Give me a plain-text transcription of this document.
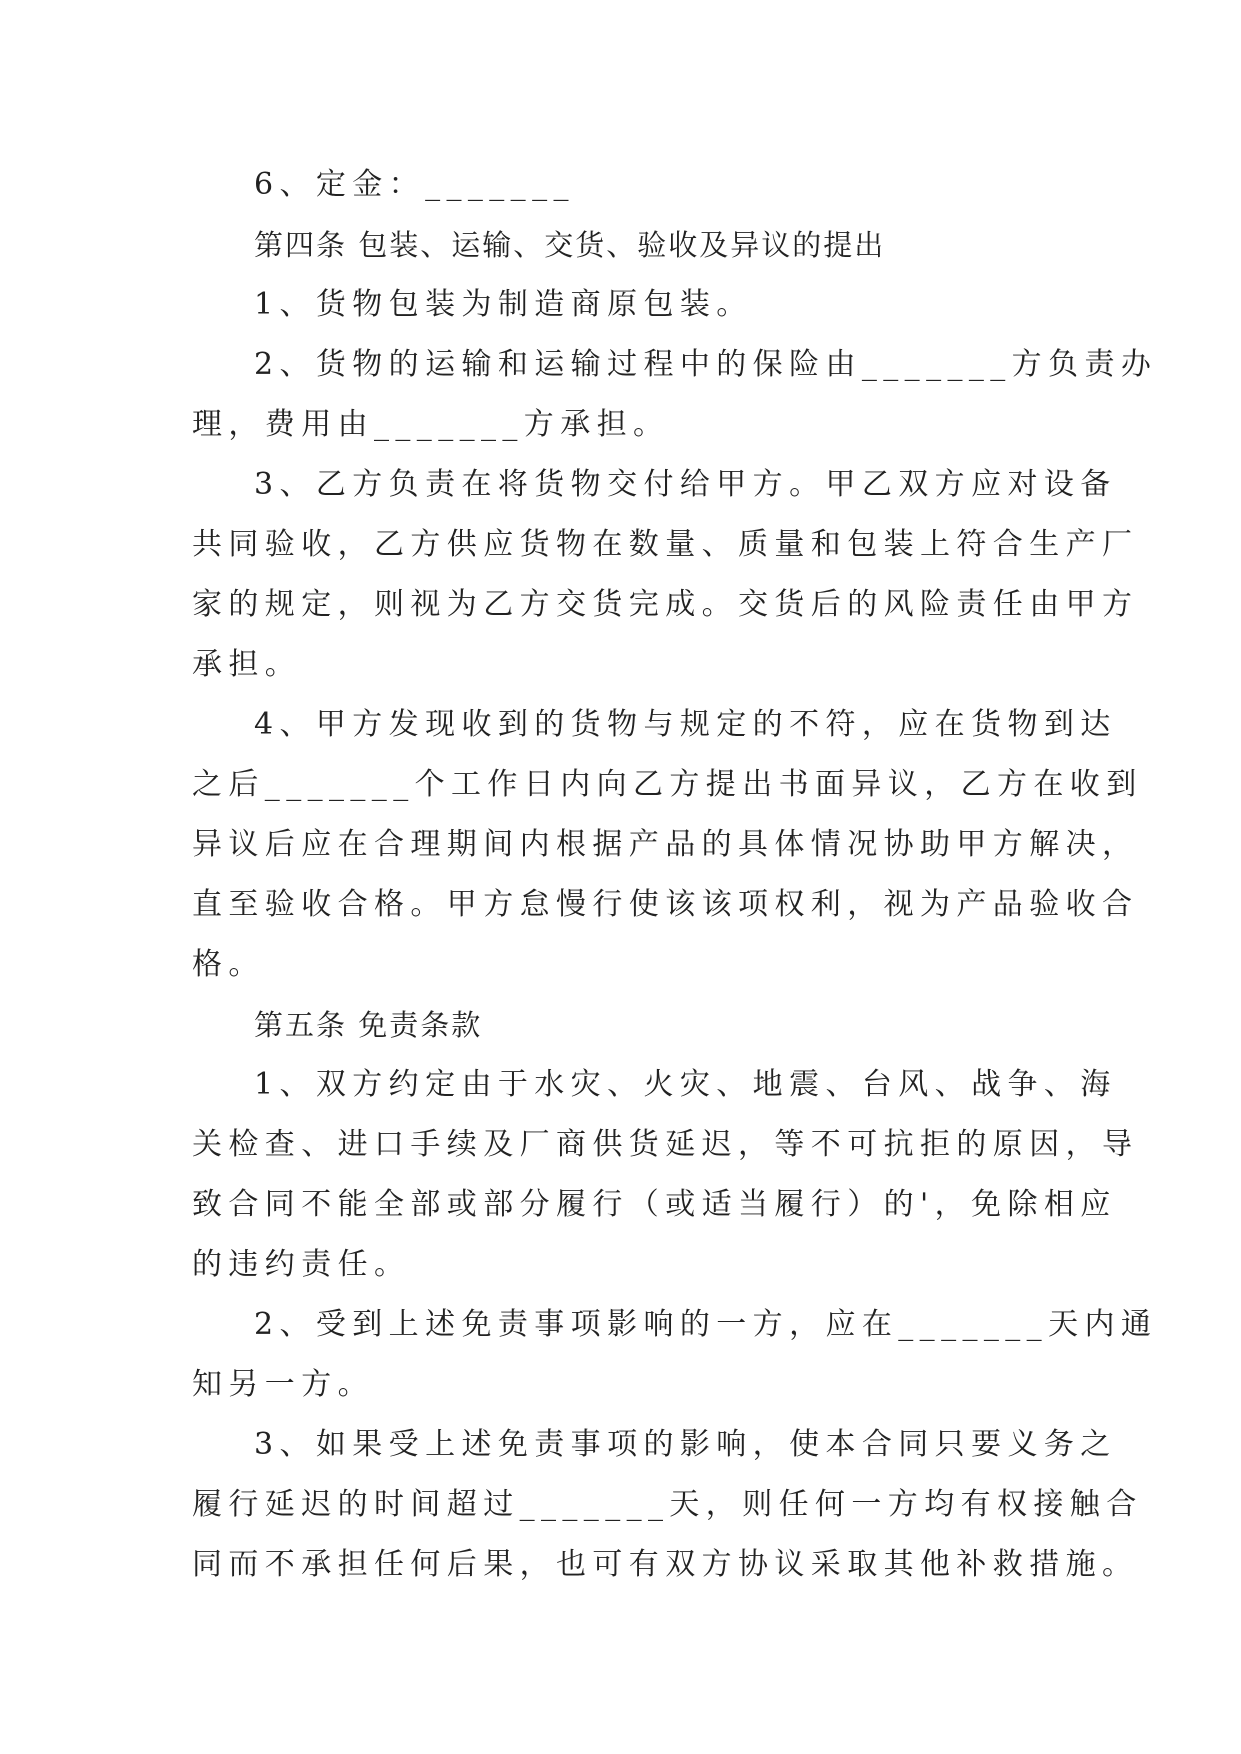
6、定金：_______
第四条 包装、运输、交货、验收及异议的提出
1、货物包装为制造商原包装。
2、货物的运输和运输过程中的保险由_______方负责办
理，费用由_______方承担。
3、乙方负责在将货物交付给甲方。甲乙双方应对设备
共同验收，乙方供应货物在数量、质量和包装上符合生产厂
家的规定，则视为乙方交货完成。交货后的风险责任由甲方
承担。
4、甲方发现收到的货物与规定的不符，应在货物到达
之后_______个工作日内向乙方提出书面异议，乙方在收到
异议后应在合理期间内根据产品的具体情况协助甲方解决，
直至验收合格。甲方怠慢行使该该项权利，视为产品验收合
格。
第五条 免责条款
1、双方约定由于水灾、火灾、地震、台风、战争、海
关检查、进口手续及厂商供货延迟，等不可抗拒的原因，导
致合同不能全部或部分履行（或适当履行）的'，免除相应
的违约责任。
2、受到上述免责事项影响的一方，应在_______天内通
知另一方。
3、如果受上述免责事项的影响，使本合同只要义务之
履行延迟的时间超过_______天，则任何一方均有权接触合
同而不承担任何后果，也可有双方协议采取其他补救措施。
